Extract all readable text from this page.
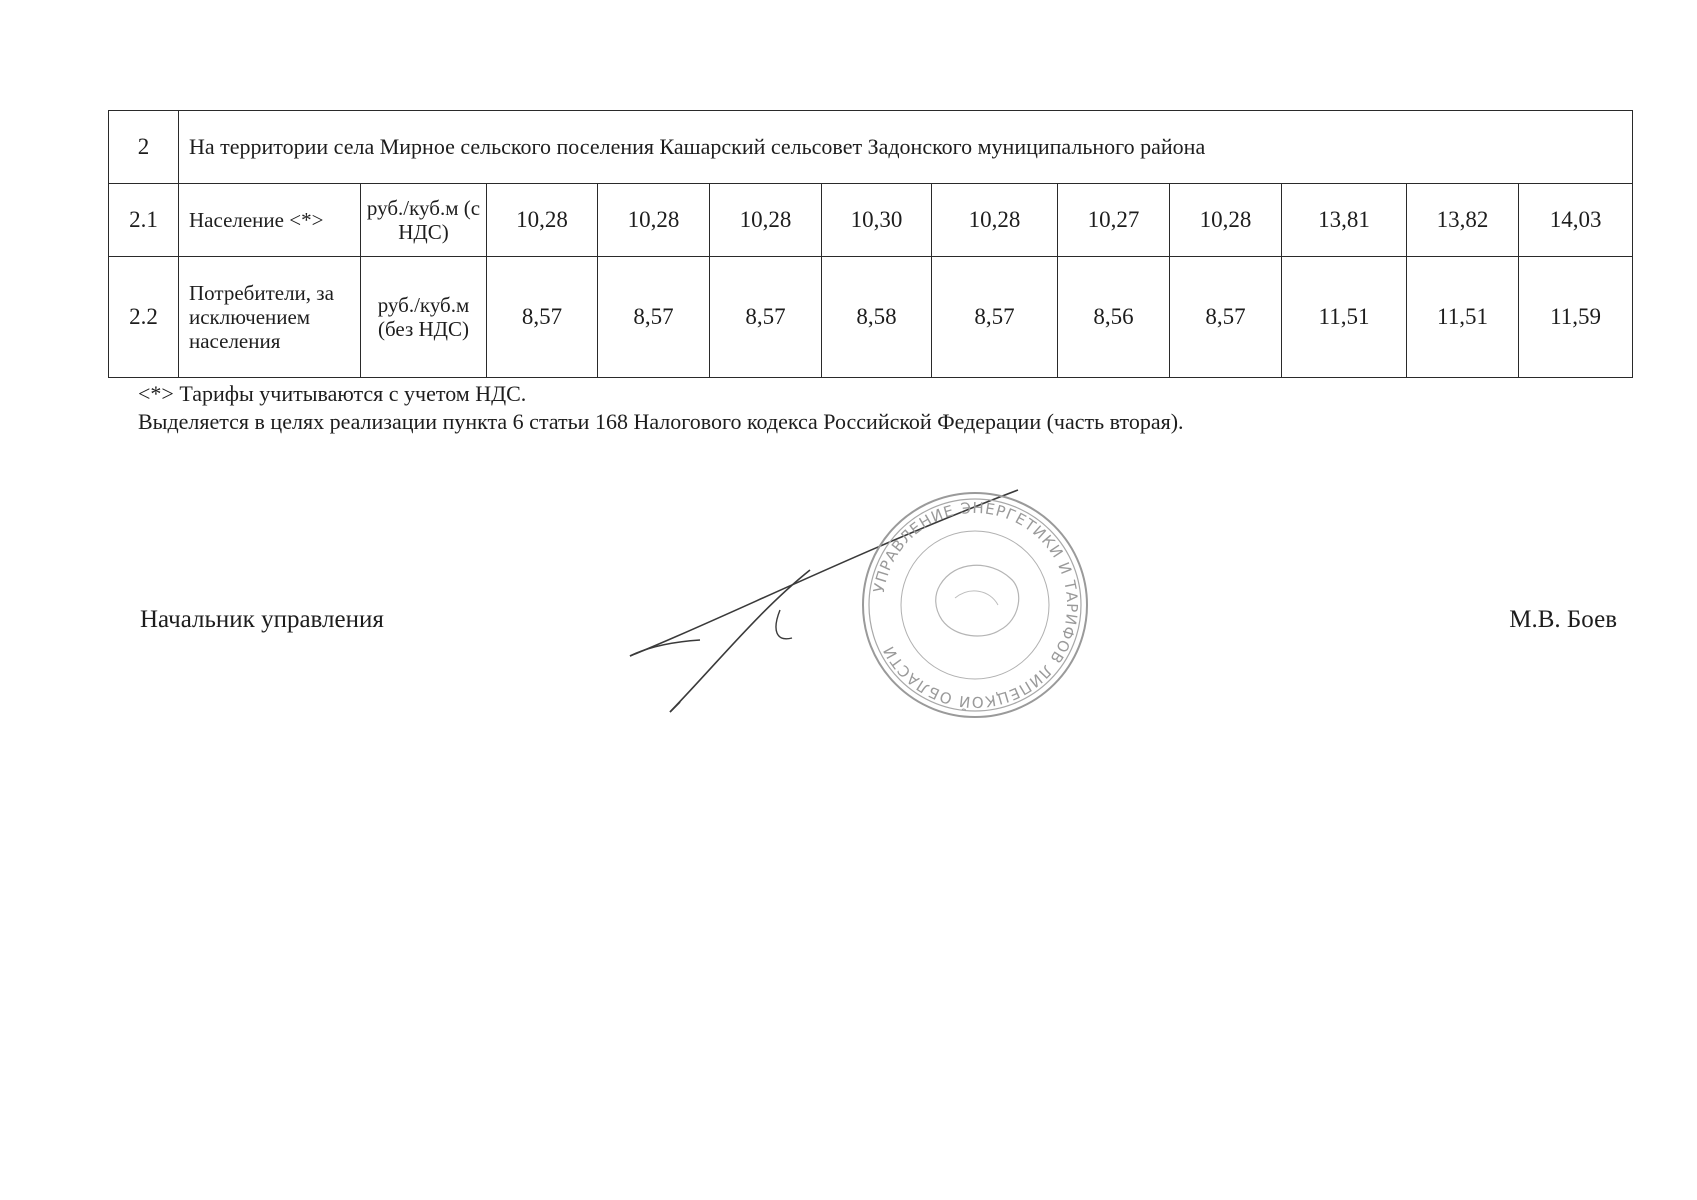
2	На территории села Мирное сельского поселения Кашарский сельсовет Задонского муниципального района											
2.1	Население <*>	руб./куб.м (с НДС)	10,28	10,28	10,28	10,30	10,28	10,27	10,28	13,81	13,82	14,03
2.2	Потребители, за исключением населения	руб./куб.м (без НДС)	8,57	8,57	8,57	8,58	8,57	8,56	8,57	11,51	11,51	11,59
<*> Тарифы учитываются с учетом НДС.
Выделяется в целях реализации пункта 6 статьи 168 Налогового кодекса Российской Федерации (часть вторая).
Начальник управления	М.В. Боев
УПРАВЛЕНИЕ ЭНЕРГЕТИКИ И ТАРИФОВ ЛИПЕЦКОЙ ОБЛАСТИ
